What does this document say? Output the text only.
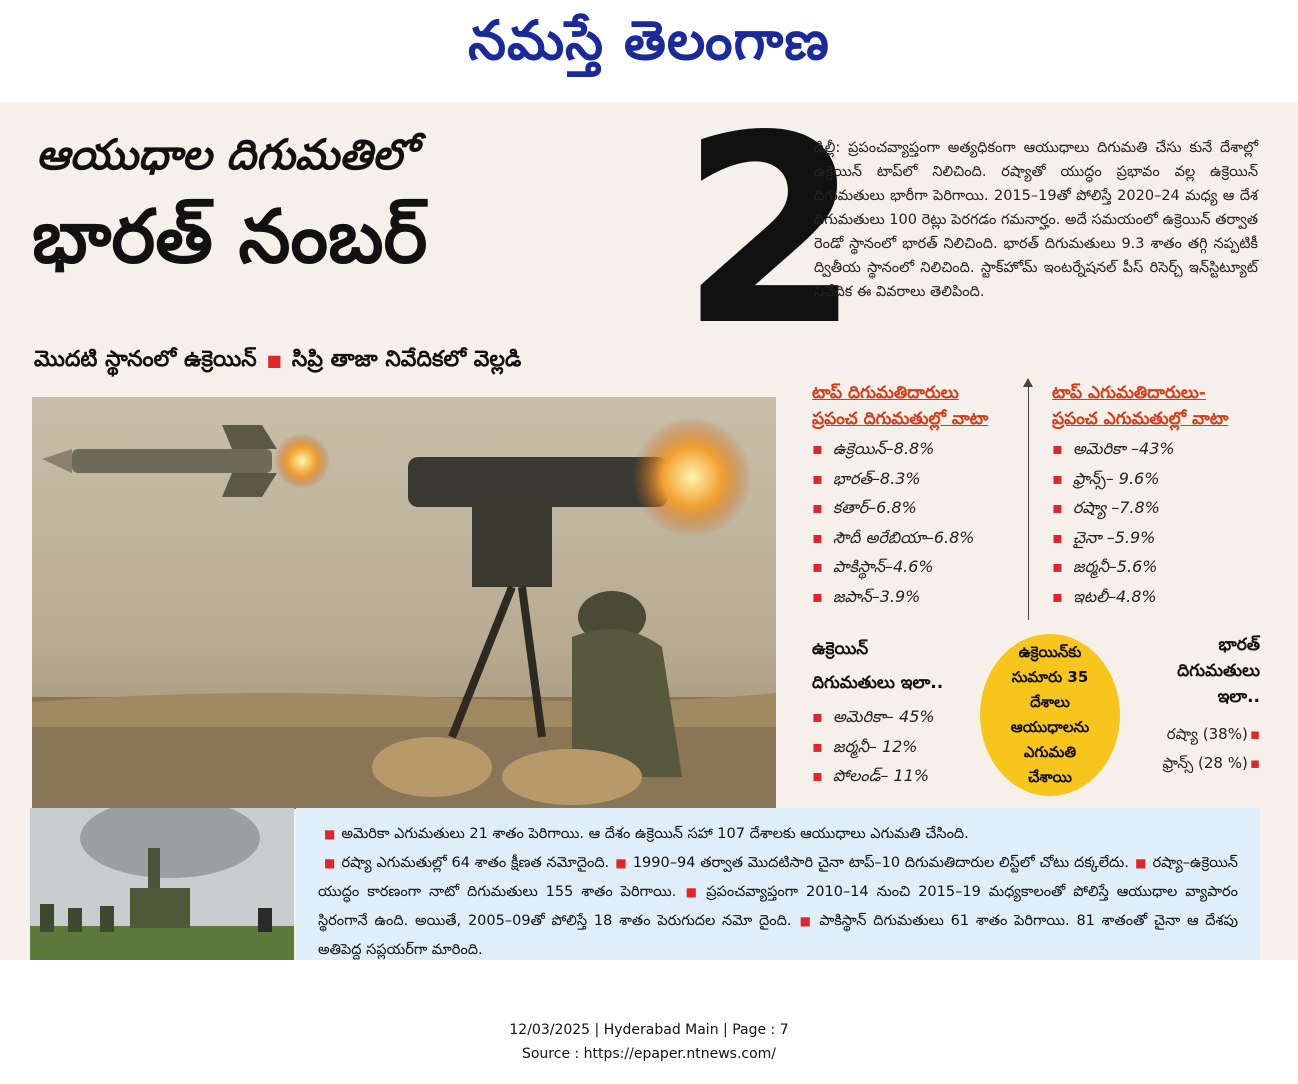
నమస్తే తెలంగాణ
ఆయుధాల దిగుమతిలో
భారత్ నంబర్ 2
మొదటి స్థానంలో ఉక్రెయిన్ ■ సిప్రి తాజా నివేదికలో వెల్లడి
ఢిల్లీ: ప్రపంచవ్యాప్తంగా అత్యధికంగా ఆయుధాలు దిగుమతి చేసు కునే దేశాల్లో ఉక్రెయిన్ టాప్‌లో నిలిచింది. రష్యాతో యుద్ధం ప్రభావం వల్ల ఉక్రెయిన్ దిగుమతులు భారీగా పెరిగాయి. 2015–19తో పోలిస్తే 2020–24 మధ్య ఆ దేశ దిగుమతులు 100 రెట్లు పెరగడం గమనార్హం. అదే సమయంలో ఉక్రెయిన్ తర్వాత రెండో స్థానంలో భారత్ నిలిచింది. భారత్ దిగుమతులు 9.3 శాతం తగ్గి నప్పటికీ ద్వితీయ స్థానంలో నిలిచింది. స్టాక్‌హోమ్ ఇంటర్నేషనల్ పీస్ రిసెర్చ్ ఇన్‌స్టిట్యూట్ నివేదిక ఈ వివరాలు తెలిపింది.
టాప్ దిగుమతిదారులు
ప్రపంచ దిగుమతుల్లో వాటా
▪ ఉక్రెయిన్–8.8%
▪ భారత్–8.3%
▪ కతార్–6.8%
▪ సౌదీ అరేబియా–6.8%
▪ పాకిస్థాన్–4.6%
▪ జపాన్–3.9%
టాప్ ఎగుమతిదారులు-
ప్రపంచ ఎగుమతుల్లో వాటా
▪ అమెరికా –43%
▪ ఫ్రాన్స్– 9.6%
▪ రష్యా –7.8%
▪ చైనా –5.9%
▪ జర్మనీ–5.6%
▪ ఇటలీ–4.8%
ఉక్రెయిన్
దిగుమతులు ఇలా..
▪ అమెరికా– 45%
▪ జర్మనీ– 12%
▪ పోలండ్– 11%
ఉక్రెయిన్‌కు
సుమారు 35
దేశాలు
ఆయుధాలను
ఎగుమతి
చేశాయి
భారత్
దిగుమతులు
ఇలా..
రష్యా (38%) ▪
ఫ్రాన్స్ (28 %) ▪
■ అమెరికా ఎగుమతులు 21 శాతం పెరిగాయి. ఆ దేశం ఉక్రెయిన్ సహా 107 దేశాలకు ఆయుధాలు ఎగుమతి చేసింది.
■ రష్యా ఎగుమతుల్లో 64 శాతం క్షీణత నమోదైంది. ■ 1990–94 తర్వాత మొదటిసారి చైనా టాప్–10 దిగుమతిదారుల లిస్ట్‌లో చోటు దక్కలేదు. ■ రష్యా–ఉక్రెయిన్ యుద్ధం కారణంగా నాటో దిగుమతులు 155 శాతం పెరిగాయి. ■ ప్రపంచవ్యాప్తంగా 2010–14 నుంచి 2015–19 మధ్యకాలంతో పోలిస్తే ఆయుధాల వ్యాపారం స్థిరంగానే ఉంది. అయితే, 2005–09తో పోలిస్తే 18 శాతం పెరుగుదల నమో దైంది. ■ పాకిస్థాన్ దిగుమతులు 61 శాతం పెరిగాయి. 81 శాతంతో చైనా ఆ దేశపు అతిపెద్ద సప్లయర్‌గా మారింది.
12/03/2025 | Hyderabad Main | Page : 7
Source : https://epaper.ntnews.com/
